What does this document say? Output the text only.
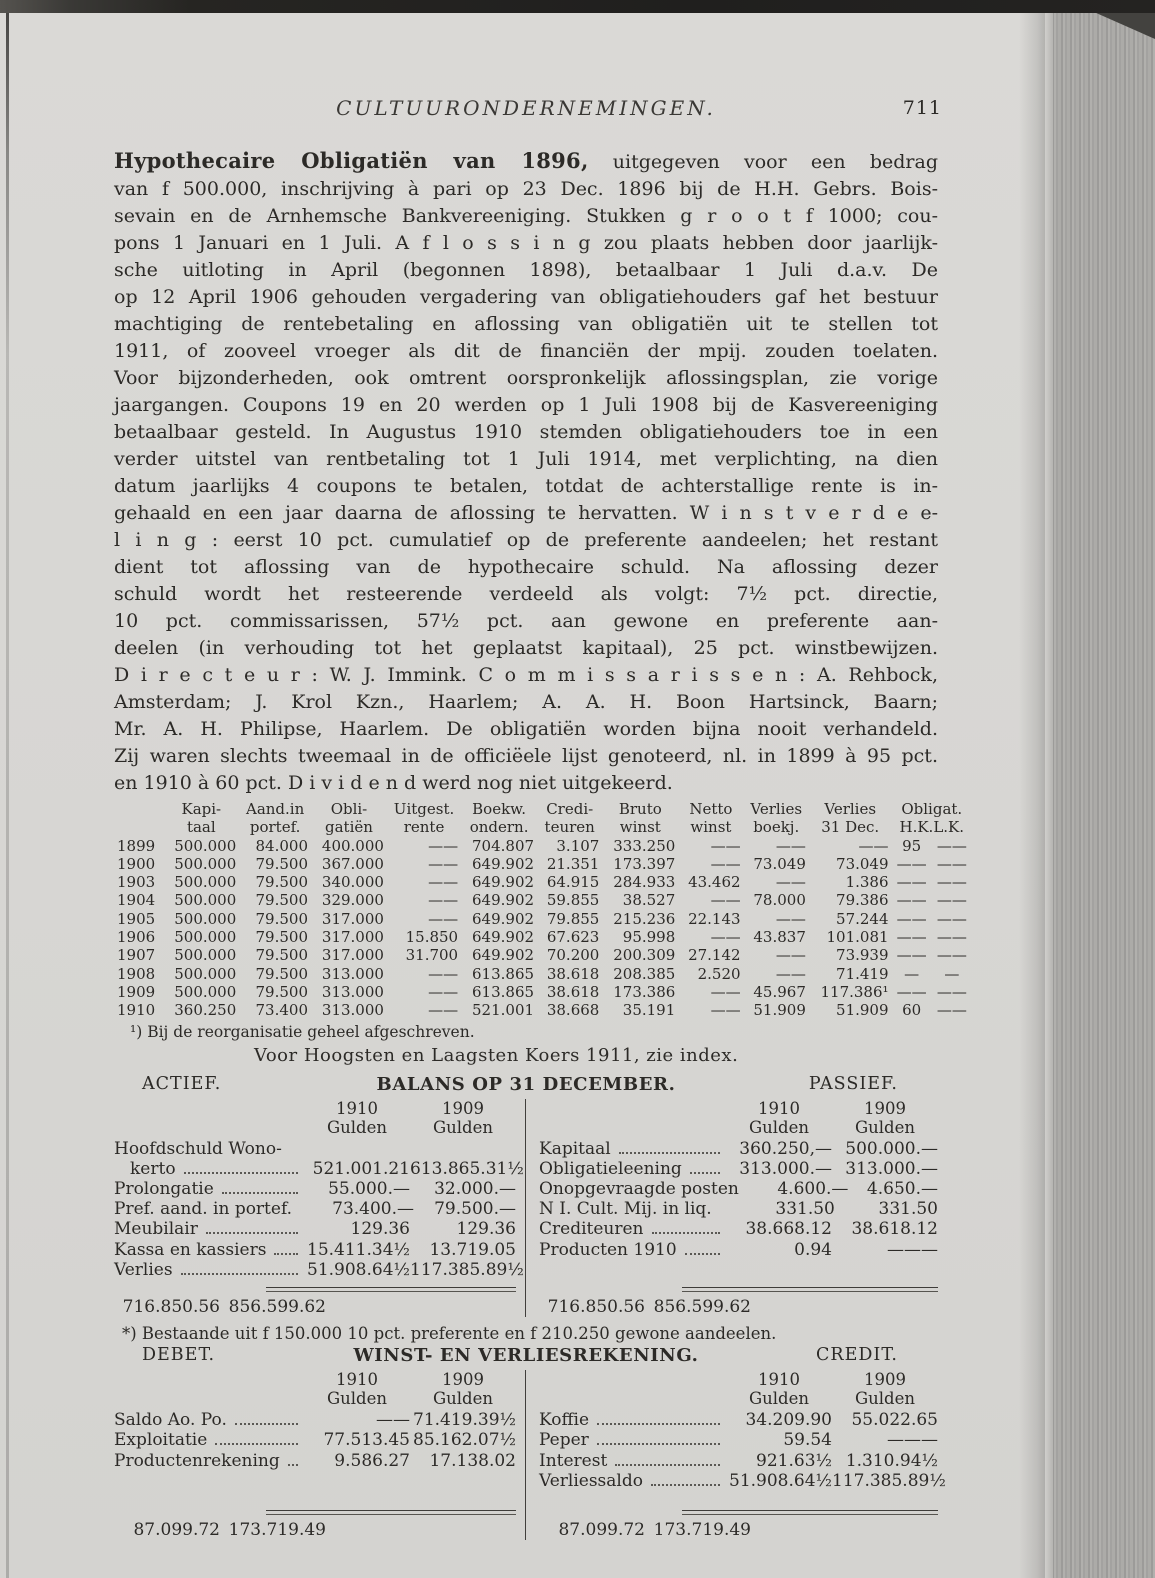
CULTUURONDERNEMINGEN.	711
Hypothecaire Obligatiën van 1896, uitgegeven voor een bedrag
van f 500.000, inschrijving à pari op 23 Dec. 1896 bij de H.H. Gebrs. Bois-
sevain en de Arnhemsche Bankvereeniging. Stukken g r o o t f 1000; cou-
pons 1 Januari en 1 Juli. A f l o s s i n g zou plaats hebben door jaarlijk-
sche uitloting in April (begonnen 1898), betaalbaar 1 Juli d.a.v. De
op 12 April 1906 gehouden vergadering van obligatiehouders gaf het bestuur
machtiging de rentebetaling en aflossing van obligatiën uit te stellen tot
1911, of zooveel vroeger als dit de financiën der mpij. zouden toelaten.
Voor bijzonderheden, ook omtrent oorspronkelijk aflossingsplan, zie vorige
jaargangen. Coupons 19 en 20 werden op 1 Juli 1908 bij de Kasvereeniging
betaalbaar gesteld. In Augustus 1910 stemden obligatiehouders toe in een
verder uitstel van rentbetaling tot 1 Juli 1914, met verplichting, na dien
datum jaarlijks 4 coupons te betalen, totdat de achterstallige rente is in-
gehaald en een jaar daarna de aflossing te hervatten. W i n s t v e r d e e-
l i n g : eerst 10 pct. cumulatief op de preferente aandeelen; het restant
dient tot aflossing van de hypothecaire schuld. Na aflossing dezer
schuld wordt het resteerende verdeeld als volgt: 7½ pct. directie,
10 pct. commissarissen, 57½ pct. aan gewone en preferente aan-
deelen (in verhouding tot het geplaatst kapitaal), 25 pct. winstbewijzen.
D i r e c t e u r : W. J. Immink. C o m m i s s a r i s s e n : A. Rehbock,
Amsterdam; J. Krol Kzn., Haarlem; A. A. H. Boon Hartsinck, Baarn;
Mr. A. H. Philipse, Haarlem. De obligatiën worden bijna nooit verhandeld.
Zij waren slechts tweemaal in de officiëele lijst genoteerd, nl. in 1899 à 95 pct.
en 1910 à 60 pct. D i v i d e n d werd nog niet uitgekeerd.
	Kapi-	Aand.in	Obli-	Uitgest.	Boekw.	Credi-	Bruto	Netto	Verlies	Verlies	Obligat.	
	taal	portef.	gatiën	rente	ondern.	teuren	winst	winst	boekj.	31 Dec.	H.K.L.K.	
1899	500.000	84.000	400.000	——	704.807	3.107	333.250	——	——	——	95	——
1900	500.000	79.500	367.000	——	649.902	21.351	173.397	——	73.049	73.049	——	——
1903	500.000	79.500	340.000	——	649.902	64.915	284.933	43.462	——	1.386	——	——
1904	500.000	79.500	329.000	——	649.902	59.855	38.527	——	78.000	79.386	——	——
1905	500.000	79.500	317.000	——	649.902	79.855	215.236	22.143	——	57.244	——	——
1906	500.000	79.500	317.000	15.850	649.902	67.623	95.998	——	43.837	101.081	——	——
1907	500.000	79.500	317.000	31.700	649.902	70.200	200.309	27.142	——	73.939	——	——
1908	500.000	79.500	313.000	——	613.865	38.618	208.385	2.520	——	71.419	—	—
1909	500.000	79.500	313.000	——	613.865	38.618	173.386	——	45.967	117.386¹	——	——
1910	360.250	73.400	313.000	——	521.001	38.668	35.191	——	51.909	51.909	60	——
¹) Bij de reorganisatie geheel afgeschreven.
Voor Hoogsten en Laagsten Koers 1911, zie index.
ACTIEF.	BALANS OP 31 DECEMBER.	PASSIEF.
1910	1909
Gulden	Gulden
Hoofdschuld Wono-
kerto	521.001.21 613.865.31½
Prolongatie	55.000.—	32.000.—
Pref. aand. in portef.	73.400.—	79.500.—
Meubilair	129.36	129.36
Kassa en kassiers 15.411.34½	13.719.05
Verlies	51.908.64½ 117.385.89½
716.850.56 856.599.62
1910	1909
Gulden	Gulden
Kapitaal	360.250,— 500.000.—
Obligatieleening	313.000.— 313.000.—
Onopgevraagde posten	4.600.—	4.650.—
N I. Cult. Mij. in liq.	331.50	331.50
Crediteuren	38.668.12	38.618.12
Producten 1910	0.94	———
716.850.56 856.599.62
*) Bestaande uit f 150.000 10 pct. preferente en f 210.250 gewone aandeelen.
DEBET.	WINST- EN VERLIESREKENING.	CREDIT.
1910	1909
Gulden	Gulden
Saldo Ao. Po.	—— 71.419.39½
Exploitatie	77.513.45 85.162.07½
Productenrekening	9.586.27	17.138.02
87.099.72 173.719.49
1910	1909
Gulden	Gulden
Koffie	34.209.90	55.022.65
Peper	59.54	———
Interest	921.63½ 1.310.94½
Verliessaldo	51.908.64½ 117.385.89½
87.099.72 173.719.49
